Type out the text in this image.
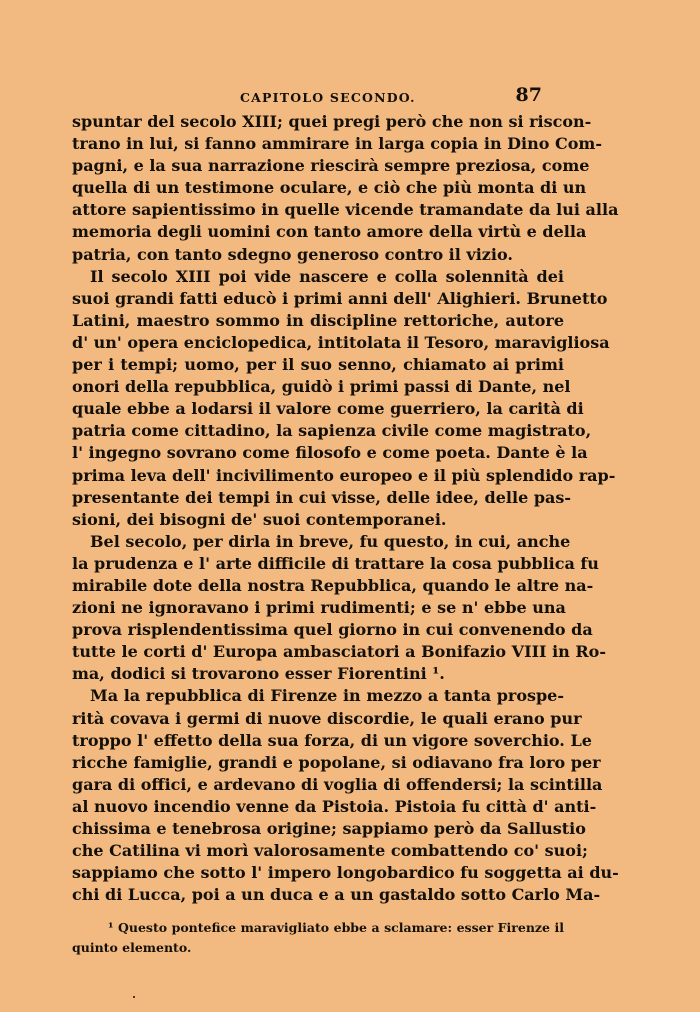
CAPITOLO SECONDO.	87
spuntar del secolo XIII; quei pregi però che non si riscon-
trano in lui, si fanno ammirare in larga copia in Dino Com-
pagni, e la sua narrazione riescirà sempre preziosa, come
quella di un testimone oculare, e ciò che più monta di un
attore sapientissimo in quelle vicende tramandate da lui alla
memoria degli uomini con tanto amore della virtù e della
patria, con tanto sdegno generoso contro il vizio.
Il secolo XIII poi vide nascere e colla solennità dei
suoi grandi fatti educò i primi anni dell' Alighieri. Brunetto
Latini, maestro sommo in discipline rettoriche, autore
d' un' opera enciclopedica, intitolata il Tesoro, maravigliosa
per i tempi; uomo, per il suo senno, chiamato ai primi
onori della repubblica, guidò i primi passi di Dante, nel
quale ebbe a lodarsi il valore come guerriero, la carità di
patria come cittadino, la sapienza civile come magistrato,
l' ingegno sovrano come filosofo e come poeta. Dante è la
prima leva dell' incivilimento europeo e il più splendido rap-
presentante dei tempi in cui visse, delle idee, delle pas-
sioni, dei bisogni de' suoi contemporanei.
Bel secolo, per dirla in breve, fu questo, in cui, anche
la prudenza e l' arte difficile di trattare la cosa pubblica fu
mirabile dote della nostra Repubblica, quando le altre na-
zioni ne ignoravano i primi rudimenti; e se n' ebbe una
prova risplendentissima quel giorno in cui convenendo da
tutte le corti d' Europa ambasciatori a Bonifazio VIII in Ro-
ma, dodici si trovarono esser Fiorentini ¹.
Ma la repubblica di Firenze in mezzo a tanta prospe-
rità covava i germi di nuove discordie, le quali erano pur
troppo l' effetto della sua forza, di un vigore soverchio. Le
ricche famiglie, grandi e popolane, si odiavano fra loro per
gara di offici, e ardevano di voglia di offendersi; la scintilla
al nuovo incendio venne da Pistoia. Pistoia fu città d' anti-
chissima e tenebrosa origine; sappiamo però da Sallustio
che Catilina vi morì valorosamente combattendo co' suoi;
sappiamo che sotto l' impero longobardico fu soggetta ai du-
chi di Lucca, poi a un duca e a un gastaldo sotto Carlo Ma-
¹ Questo pontefice maravigliato ebbe a sclamare: esser Firenze il
quinto elemento.
